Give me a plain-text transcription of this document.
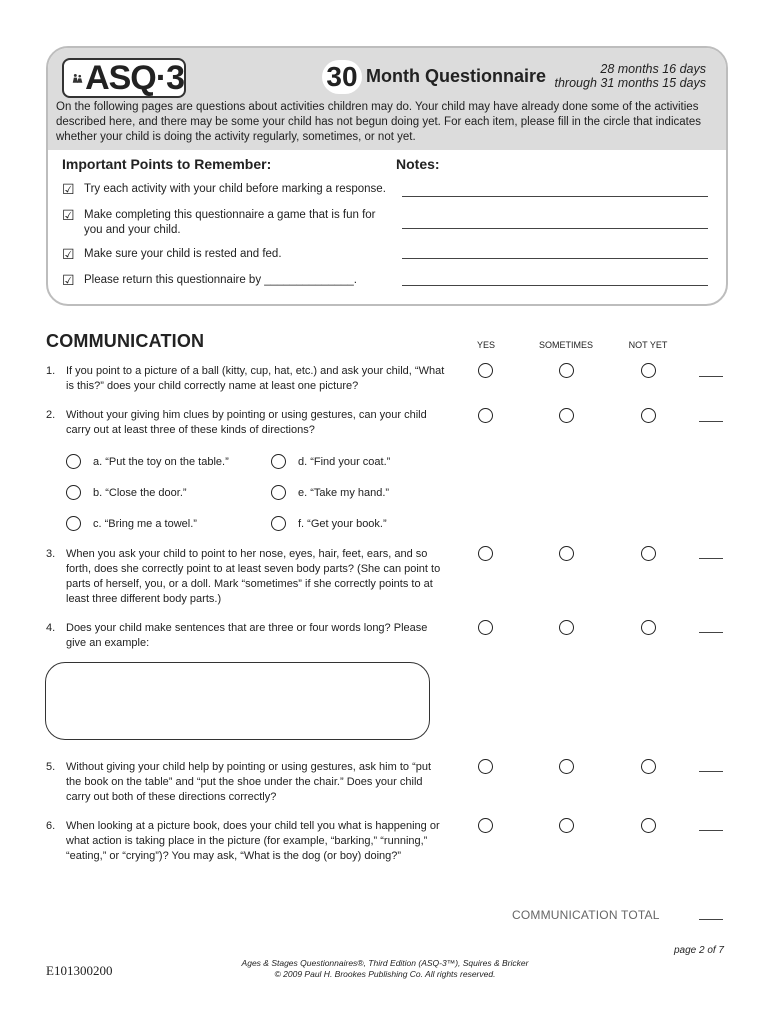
ASQ·3	30 Month Questionnaire	28 months 16 days
through 31 months 15 days
On the following pages are questions about activities children may do. Your child may have already done some of the activities described here, and there may be some your child has not begun doing yet. For each item, please fill in the circle that indicates whether your child is doing the activity regularly, sometimes, or not yet.
Important Points to Remember:	Notes:
☑ Try each activity with your child before marking a response.
☑ Make completing this questionnaire a game that is fun for you and your child.
☑ Make sure your child is rested and fed.
☑ Please return this questionnaire by ______________.
COMMUNICATION	YES	SOMETIMES	NOT YET
1. If you point to a picture of a ball (kitty, cup, hat, etc.) and ask your child, “What is this?” does your child correctly name at least one picture?
2. Without your giving him clues by pointing or using gestures, can your child carry out at least three of these kinds of directions?
a. “Put the toy on the table.”	d. “Find your coat.”
b. “Close the door.”	e. “Take my hand.”
c. “Bring me a towel.”	f. “Get your book.”
3. When you ask your child to point to her nose, eyes, hair, feet, ears, and so forth, does she correctly point to at least seven body parts? (She can point to parts of herself, you, or a doll. Mark “sometimes” if she correctly points to at least three different body parts.)
4. Does your child make sentences that are three or four words long? Please give an example:
5. Without giving your child help by pointing or using gestures, ask him to “put the book on the table” and “put the shoe under the chair.” Does your child carry out both of these directions correctly?
6. When looking at a picture book, does your child tell you what is happening or what action is taking place in the picture (for example, “barking,” “running,” “eating,” or “crying”)? You may ask, “What is the dog (or boy) doing?”
COMMUNICATION TOTAL
page 2 of 7
E101300200	Ages & Stages Questionnaires®, Third Edition (ASQ-3™), Squires & Bricker
© 2009 Paul H. Brookes Publishing Co. All rights reserved.
